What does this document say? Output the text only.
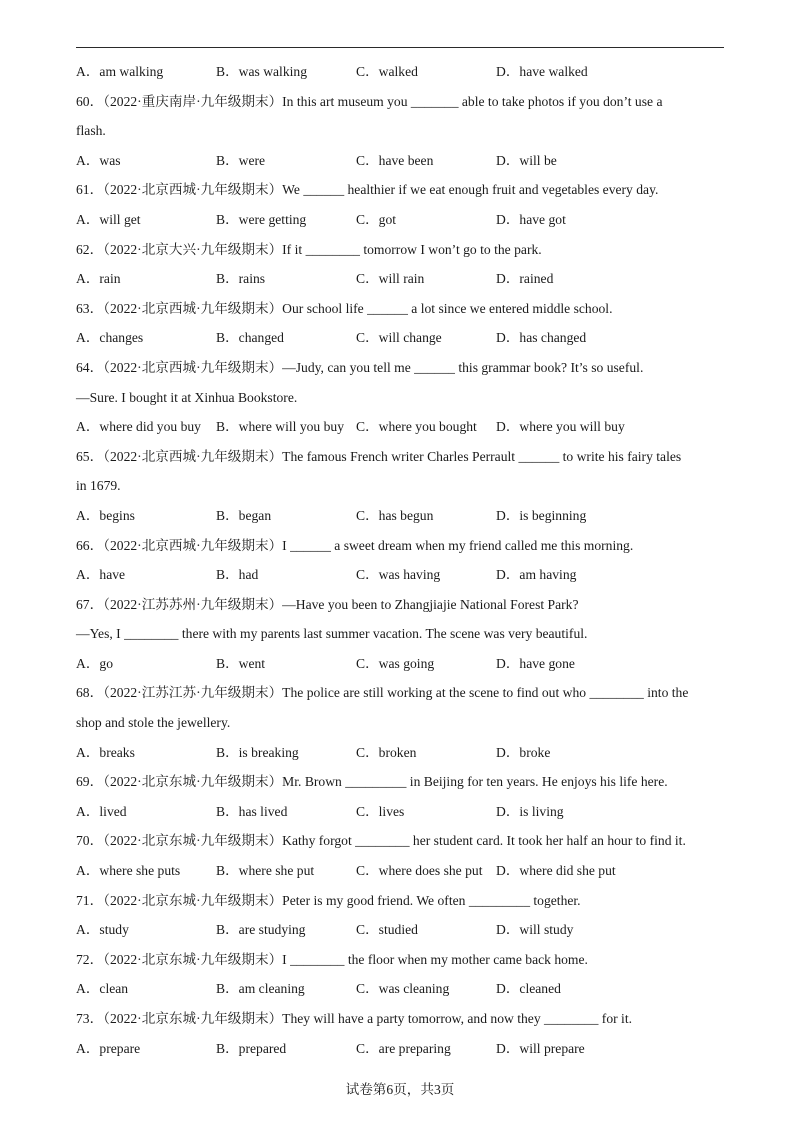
A．am walking	B．was walking	C．walked	D．have walked
60．（2022·重庆南岸·九年级期末）In this art museum you _______ able to take photos if you don’t use a
flash.
A．was	B．were	C．have been	D．will be
61．（2022·北京西城·九年级期末）We ______ healthier if we eat enough fruit and vegetables every day.
A．will get	B．were getting	C．got	D．have got
62．（2022·北京大兴·九年级期末）If it ________ tomorrow I won’t go to the park.
A．rain	B．rains	C．will rain	D．rained
63．（2022·北京西城·九年级期末）Our school life ______ a lot since we entered middle school.
A．changes	B．changed	C．will change	D．has changed
64．（2022·北京西城·九年级期末）—Judy, can you tell me ______ this grammar book? It’s so useful.
—Sure. I bought it at Xinhua Bookstore.
A．where did you buy	B．where will you buy C．where you bought	D．where you will buy
65．（2022·北京西城·九年级期末）The famous French writer Charles Perrault ______ to write his fairy tales
in 1679.
A．begins	B．began	C．has begun	D．is beginning
66．（2022·北京西城·九年级期末）I ______ a sweet dream when my friend called me this morning.
A．have	B．had	C．was having	D．am having
67．（2022·江苏苏州·九年级期末）—Have you been to Zhangjiajie National Forest Park?
—Yes, I ________ there with my parents last summer vacation. The scene was very beautiful.
A．go	B．went	C．was going	D．have gone
68．（2022·江苏江苏·九年级期末）The police are still working at the scene to find out who ________ into the
shop and stole the jewellery.
A．breaks	B．is breaking	C．broken	D．broke
69．（2022·北京东城·九年级期末）Mr. Brown _________ in Beijing for ten years. He enjoys his life here.
A．lived	B．has lived	C．lives	D．is living
70．（2022·北京东城·九年级期末）Kathy forgot ________ her student card. It took her half an hour to find it.
A．where she puts	B．where she put	C．where does she put D．where did she put
71．（2022·北京东城·九年级期末）Peter is my good friend. We often _________ together.
A．study	B．are studying	C．studied	D．will study
72．（2022·北京东城·九年级期末）I ________ the floor when my mother came back home.
A．clean	B．am cleaning	C．was cleaning	D．cleaned
73．（2022·北京东城·九年级期末）They will have a party tomorrow, and now they ________ for it.
A．prepare	B．prepared	C．are preparing	D．will prepare
试卷第6页，共3页
